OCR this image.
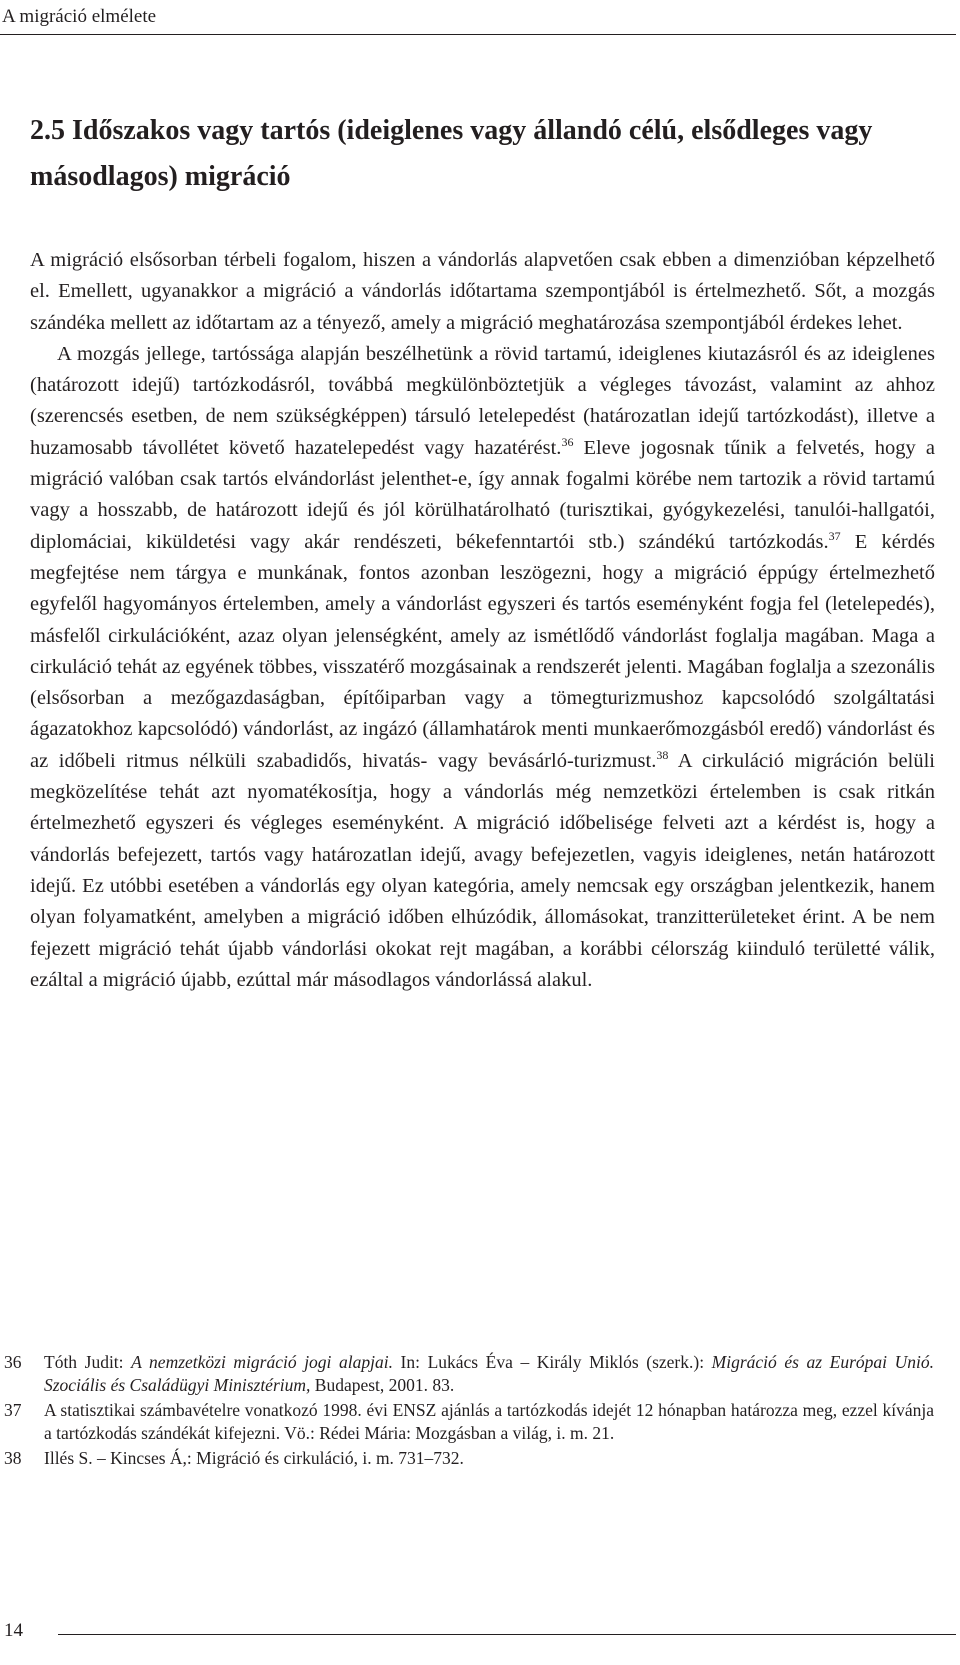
A migráció elmélete
2.5 Időszakos vagy tartós (ideiglenes vagy állandó célú, elsődleges vagy másodlagos) migráció

A migráció elsősorban térbeli fogalom, hiszen a vándorlás alapvetően csak ebben a dimenzióban képzelhető el. Emellett, ugyanakkor a migráció a vándorlás időtartama szempontjából is értelmezhető. Sőt, a mozgás szándéka mellett az időtartam az a tényező, amely a migráció meghatározása szempontjából érdekes lehet.

A mozgás jellege, tartóssága alapján beszélhetünk a rövid tartamú, ideiglenes kiutazásról és az ideiglenes (határozott idejű) tartózkodásról, továbbá megkülönböztetjük a végleges távozást, valamint az ahhoz (szerencsés esetben, de nem szükségképpen) társuló letelepedést (határozatlan idejű tartózkodást), illetve a huzamosabb távollétet követő hazatelepedést vagy hazatérést.$^{36}$ Eleve jogosnak tűnik a felvetés, hogy a migráció valóban csak tartós elvándorlást jelenthet-e, így annak fogalmi körébe nem tartozik a rövid tartamú vagy a hosszabb, de határozott idejű és jól körülhatárolható (turisztikai, gyógykezelési, tanulói-hallgatói, diplomáciai, kiküldetési vagy akár rendészeti, békefenntartói stb.) szándékú tartózkodás.$^{37}$ E kérdés megfejtése nem tárgya e munkának, fontos azonban leszögezni, hogy a migráció éppúgy értelmezhető egyfelől hagyományos értelemben, amely a vándorlást egyszeri és tartós eseményként fogja fel (letelepedés), másfelől cirkulációként, azaz olyan jelenségként, amely az ismétlődő vándorlást foglalja magában. Maga a cirkuláció tehát az egyének többes, visszatérő mozgásainak a rendszerét jelenti. Magában foglalja a szezonális (elsősorban a mezőgazdaságban, építőiparban vagy a tömegturizmushoz kapcsolódó szolgáltatási ágazatokhoz kapcsolódó) vándorlást, az ingázó (államhatárok menti munkaerőmozgásból eredő) vándorlást és az időbeli ritmus nélküli szabadidős, hivatás- vagy bevásárló-turizmust.$^{38}$ A cirkuláció migráción belüli megközelítése tehát azt nyomatékosítja, hogy a vándorlás még nemzetközi értelemben is csak ritkán értelmezhető egyszeri és végleges eseményként. A migráció időbelisége felveti azt a kérdést is, hogy a vándorlás befejezett, tartós vagy határozatlan idejű, avagy befejezetlen, vagyis ideiglenes, netán határozott idejű. Ez utóbbi esetében a vándorlás egy olyan kategória, amely nemcsak egy országban jelentkezik, hanem olyan folyamatként, amelyben a migráció időben elhúzódik, állomásokat, tranzitterületeket érint. A be nem fejezett migráció tehát újabb vándorlási okokat rejt magában, a korábbi célország kiinduló területté válik, ezáltal a migráció újabb, ezúttal már másodlagos vándorlássá alakul.

36	Tóth Judit: A nemzetközi migráció jogi alapjai. In: Lukács Éva – Király Miklós (szerk.): Migráció és az Európai Unió. Szociális és Családügyi Minisztérium, Budapest, 2001. 83.
37	A statisztikai számbavételre vonatkozó 1998. évi ENSZ ajánlás a tartózkodás idejét 12 hónapban határozza meg, ezzel kívánja a tartózkodás szándékát kifejezni. Vö.: Rédei Mária: Mozgásban a világ, i. m. 21.
38	Illés S. – Kincses Á,: Migráció és cirkuláció, i. m. 731–732.
14
